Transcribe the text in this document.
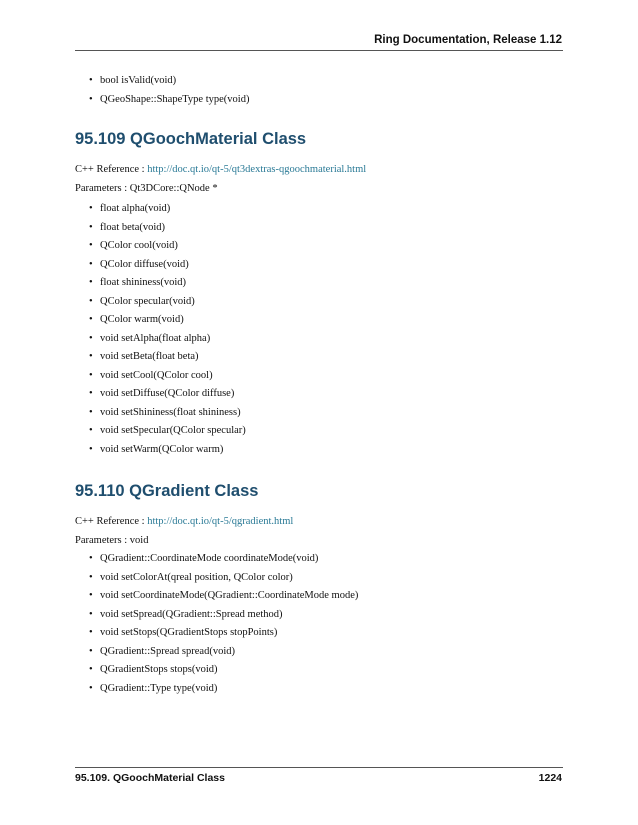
Ring Documentation, Release 1.12
• bool isValid(void)
• QGeoShape::ShapeType type(void)
95.109 QGoochMaterial Class
C++ Reference : http://doc.qt.io/qt-5/qt3dextras-qgoochmaterial.html
Parameters : Qt3DCore::QNode *
• float alpha(void)
• float beta(void)
• QColor cool(void)
• QColor diffuse(void)
• float shininess(void)
• QColor specular(void)
• QColor warm(void)
• void setAlpha(float alpha)
• void setBeta(float beta)
• void setCool(QColor cool)
• void setDiffuse(QColor diffuse)
• void setShininess(float shininess)
• void setSpecular(QColor specular)
• void setWarm(QColor warm)
95.110 QGradient Class
C++ Reference : http://doc.qt.io/qt-5/qgradient.html
Parameters : void
• QGradient::CoordinateMode coordinateMode(void)
• void setColorAt(qreal position, QColor color)
• void setCoordinateMode(QGradient::CoordinateMode mode)
• void setSpread(QGradient::Spread method)
• void setStops(QGradientStops stopPoints)
• QGradient::Spread spread(void)
• QGradientStops stops(void)
• QGradient::Type type(void)
95.109. QGoochMaterial Class	1224
